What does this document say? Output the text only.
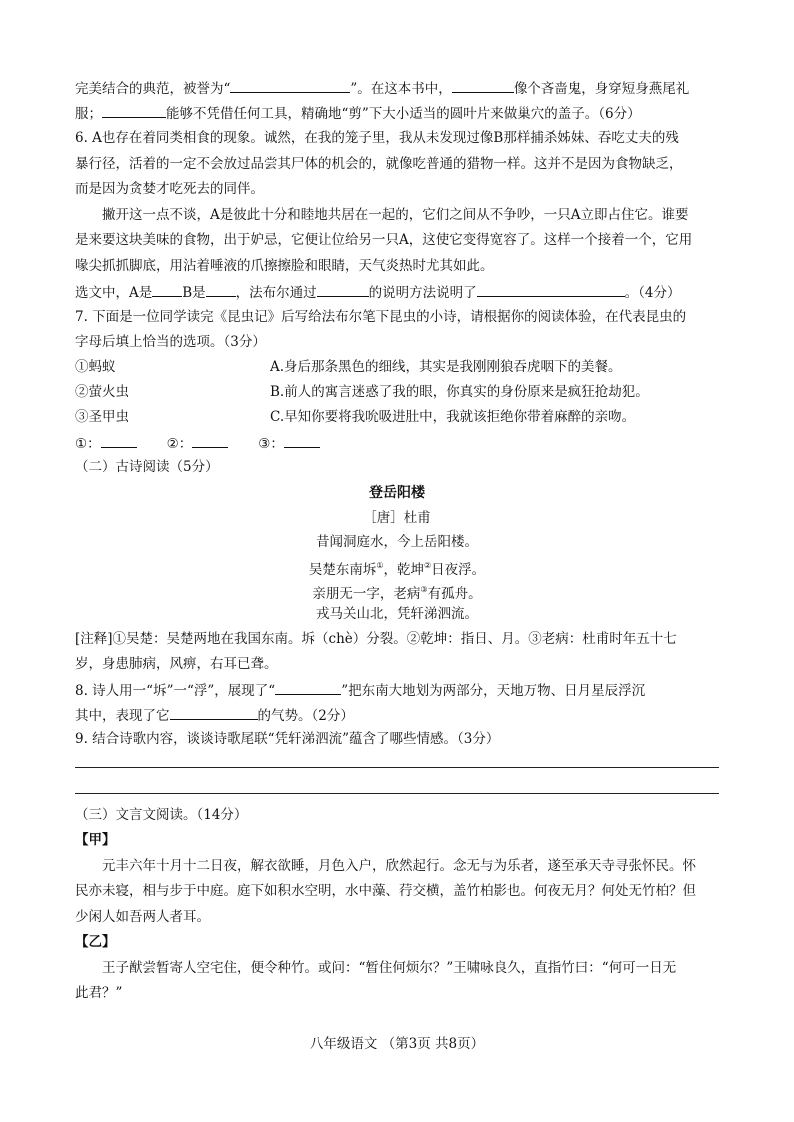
完美结合的典范，被誉为“	”。在这本书中，	像个吝啬鬼，身穿短身燕尾礼
服；	能够不凭借任何工具，精确地“剪”下大小适当的圆叶片来做巢穴的盖子。（6分）
6. A也存在着同类相食的现象。诚然，在我的笼子里，我从未发现过像B那样捕杀姊妹、吞吃丈夫的残
暴行径，活着的一定不会放过品尝其尸体的机会的，就像吃普通的猎物一样。这并不是因为食物缺乏，
而是因为贪婪才吃死去的同伴。
撇开这一点不谈，A是彼此十分和睦地共居在一起的，它们之间从不争吵，一只A立即占住它。谁要
是来要这块美味的食物，出于妒忌，它便让位给另一只A，这使它变得宽容了。这样一个接着一个，它用
喙尖抓抓脚底，用沾着唾液的爪擦擦脸和眼睛，天气炎热时尤其如此。
选文中，A是 B是 ，法布尔通过	的说明方法说明了	。（4分）
7. 下面是一位同学读完《昆虫记》后写给法布尔笔下昆虫的小诗，请根据你的阅读体验，在代表昆虫的
字母后填上恰当的选项。（3分）
①蚂蚁	A.身后那条黑色的细线，其实是我刚刚狼吞虎咽下的美餐。
②萤火虫	B.前人的寓言迷惑了我的眼，你真实的身份原来是疯狂抢劫犯。
③圣甲虫	C.早知你要将我吮吸进肚中，我就该拒绝你带着麻醉的亲吻。
①：	②：	③：
（二）古诗阅读（5分）
登岳阳楼
［唐］杜甫
昔闻洞庭水，今上岳阳楼。
吴楚东南坼①，乾坤②日夜浮。
亲朋无一字，老病③有孤舟。
戎马关山北，凭轩涕泗流。
[注释]①吴楚：吴楚两地在我国东南。坼（chè）分裂。②乾坤：指日、月。③老病：杜甫时年五十七
岁，身患肺病，风痹，右耳已聋。
8. 诗人用一“坼”一“浮”，展现了“	”把东南大地划为两部分，天地万物、日月星辰浮沉
其中，表现了它	的气势。（2分）
9. 结合诗歌内容，谈谈诗歌尾联“凭轩涕泗流”蕴含了哪些情感。（3分）
（三）文言文阅读。（14分）
【甲】
元丰六年十月十二日夜，解衣欲睡，月色入户，欣然起行。念无与为乐者，遂至承天寺寻张怀民。怀
民亦未寝，相与步于中庭。庭下如积水空明，水中藻、荇交横，盖竹柏影也。何夜无月？何处无竹柏？但
少闲人如吾两人者耳。
【乙】
王子猷尝暂寄人空宅住，便令种竹。或问：“暂住何烦尔？”王啸咏良久，直指竹曰：“何可一日无
此君？”
八年级语文 （第3页 共8页）
